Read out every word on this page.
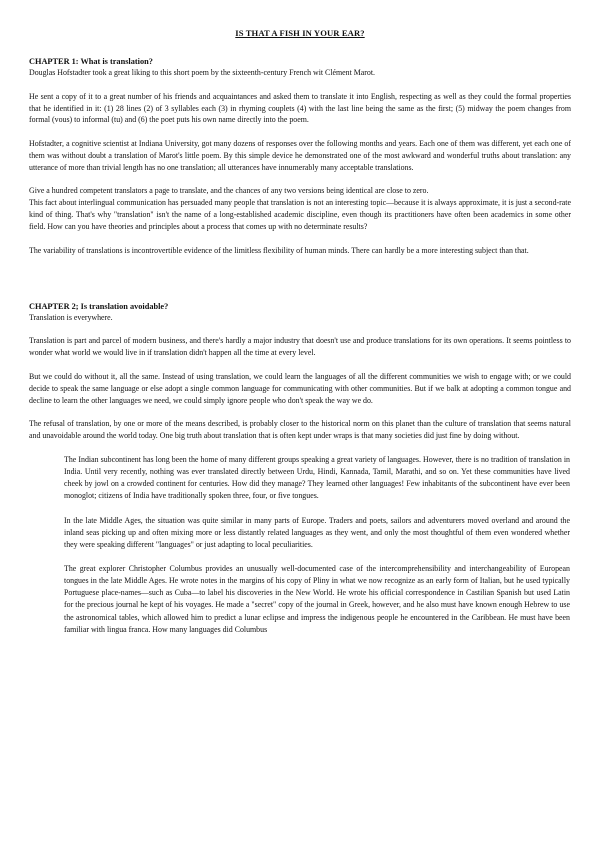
IS THAT A FISH IN YOUR EAR?
CHAPTER 1: What is translation?

Douglas Hofstadter took a great liking to this short poem by the sixteenth-century French wit Clément Marot.

He sent a copy of it to a great number of his friends and acquaintances and asked them to translate it into English, respecting as well as they could the formal properties that he identified in it: (1) 28 lines (2) of 3 syllables each (3) in rhyming couplets (4) with the last line being the same as the first; (5) midway the poem changes from formal (vous) to informal (tu) and (6) the poet puts his own name directly into the poem.

Hofstadter, a cognitive scientist at Indiana University, got many dozens of responses over the following months and years. Each one of them was different, yet each one of them was without doubt a translation of Marot's little poem. By this simple device he demonstrated one of the most awkward and wonderful truths about translation: any utterance of more than trivial length has no one translation; all utterances have innumerably many acceptable translations.

Give a hundred competent translators a page to translate, and the chances of any two versions being identical are close to zero.

This fact about interlingual communication has persuaded many people that translation is not an interesting topic—because it is always approximate, it is just a second-rate kind of thing. That's why "translation" isn't the name of a long-established academic discipline, even though its practitioners have often been academics in some other field. How can you have theories and principles about a process that comes up with no determinate results?

The variability of translations is incontrovertible evidence of the limitless flexibility of human minds. There can hardly be a more interesting subject than that.

CHAPTER 2; Is translation avoidable?

Translation is everywhere.

Translation is part and parcel of modern business, and there's hardly a major industry that doesn't use and produce translations for its own operations. It seems pointless to wonder what world we would live in if translation didn't happen all the time at every level.

But we could do without it, all the same. Instead of using translation, we could learn the languages of all the different communities we wish to engage with; or we could decide to speak the same language or else adopt a single common language for communicating with other communities. But if we balk at adopting a common tongue and decline to learn the other languages we need, we could simply ignore people who don't speak the way we do.

The refusal of translation, by one or more of the means described, is probably closer to the historical norm on this planet than the culture of translation that seems natural and unavoidable around the world today. One big truth about translation that is often kept under wraps is that many societies did just fine by doing without.

The Indian subcontinent has long been the home of many different groups speaking a great variety of languages. However, there is no tradition of translation in India. Until very recently, nothing was ever translated directly between Urdu, Hindi, Kannada, Tamil, Marathi, and so on. Yet these communities have lived cheek by jowl on a crowded continent for centuries. How did they manage? They learned other languages! Few inhabitants of the subcontinent have ever been monoglot; citizens of India have traditionally spoken three, four, or five tongues.

In the late Middle Ages, the situation was quite similar in many parts of Europe. Traders and poets, sailors and adventurers moved overland and around the inland seas picking up and often mixing more or less distantly related languages as they went, and only the most thoughtful of them even wondered whether they were speaking different "languages" or just adapting to local peculiarities.

The great explorer Christopher Columbus provides an unusually well-documented case of the intercomprehensibility and interchangeability of European tongues in the late Middle Ages. He wrote notes in the margins of his copy of Pliny in what we now recognize as an early form of Italian, but he used typically Portuguese place-names—such as Cuba—to label his discoveries in the New World. He wrote his official correspondence in Castilian Spanish but used Latin for the precious journal he kept of his voyages. He made a "secret" copy of the journal in Greek, however, and he also must have known enough Hebrew to use the astronomical tables, which allowed him to predict a lunar eclipse and impress the indigenous people he encountered in the Caribbean. He must have been familiar with lingua franca. How many languages did Columbus
